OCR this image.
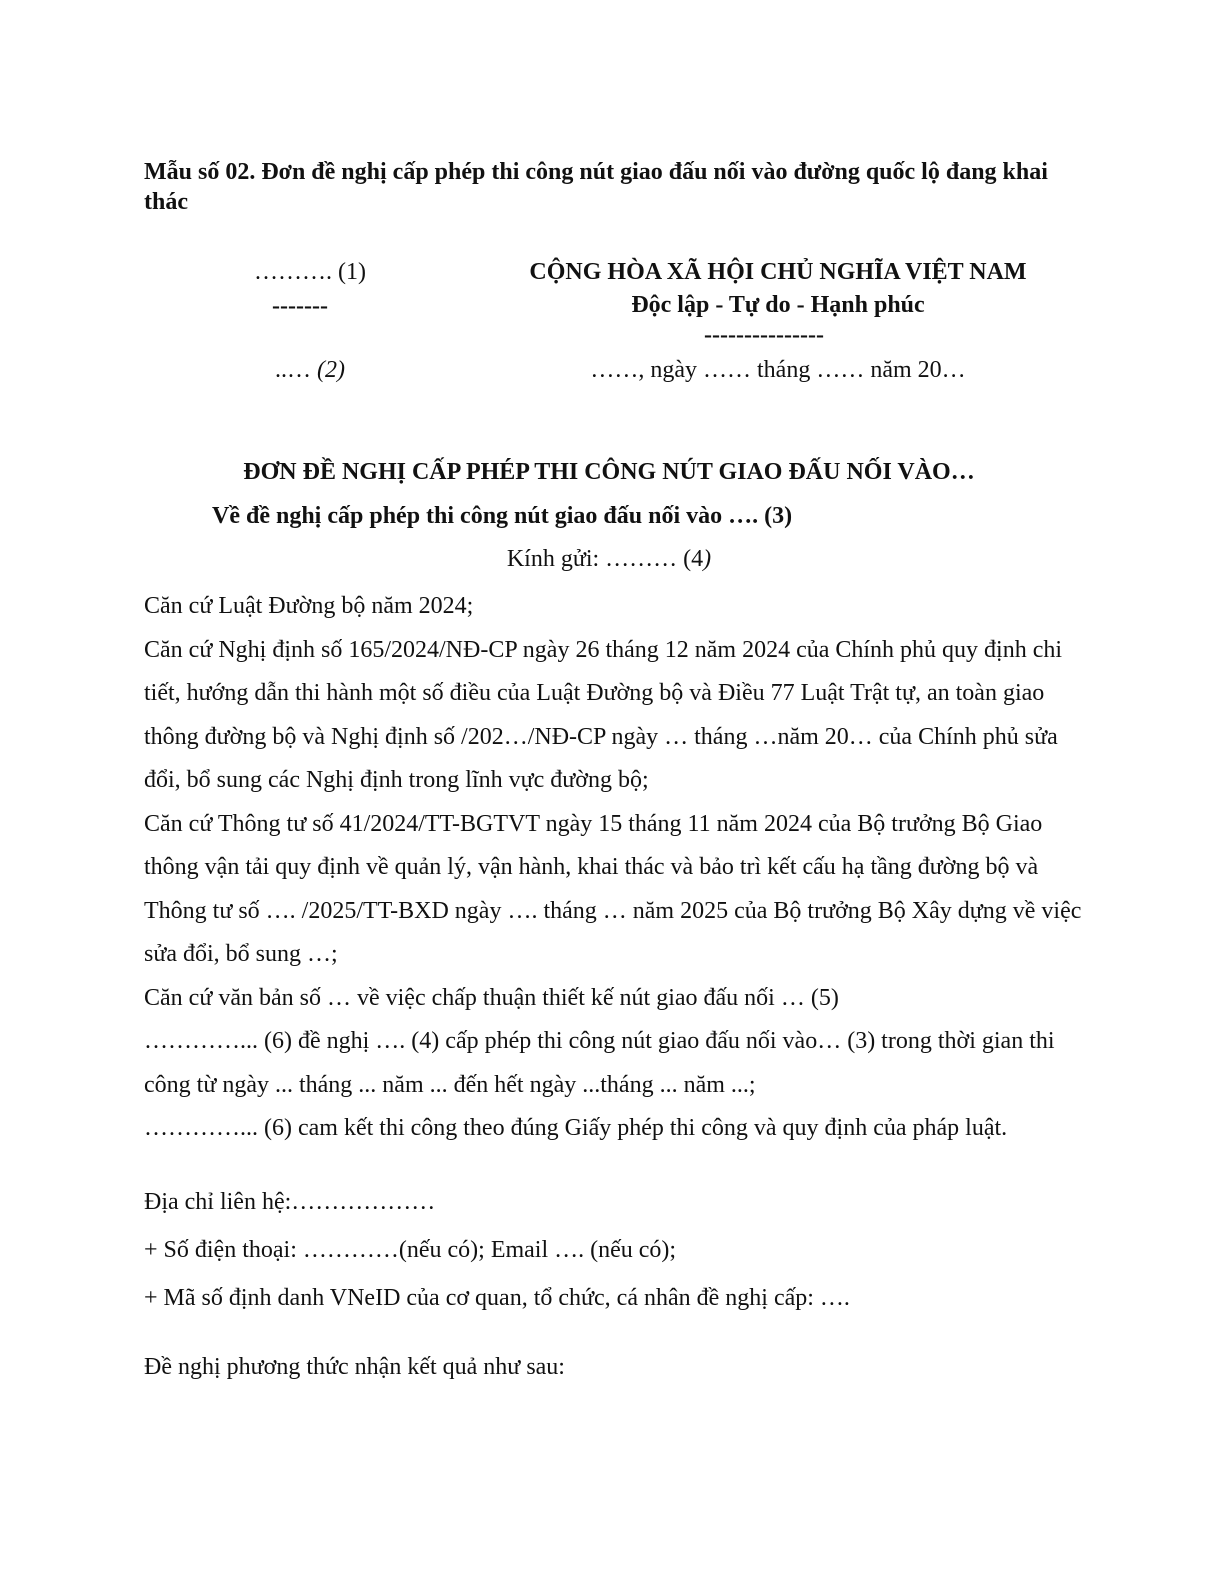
Mẫu số 02. Đơn đề nghị cấp phép thi công nút giao đấu nối vào đường quốc lộ đang khai thác
………. (1)
-------
..… (2)
CỘNG HÒA XÃ HỘI CHỦ NGHĨA VIỆT NAM
Độc lập - Tự do - Hạnh phúc
---------------
……, ngày …… tháng …… năm 20…
ĐƠN ĐỀ NGHỊ CẤP PHÉP THI CÔNG NÚT GIAO ĐẤU NỐI VÀO…
Về đề nghị cấp phép thi công nút giao đấu nối vào …. (3)
Kính gửi: ……… (4)

Căn cứ Luật Đường bộ năm 2024;

Căn cứ Nghị định số 165/2024/NĐ-CP ngày 26 tháng 12 năm 2024 của Chính phủ quy định chi tiết, hướng dẫn thi hành một số điều của Luật Đường bộ và Điều 77 Luật Trật tự, an toàn giao thông đường bộ và Nghị định số /202…/NĐ-CP ngày … tháng …năm 20… của Chính phủ sửa đổi, bổ sung các Nghị định trong lĩnh vực đường bộ;

Căn cứ Thông tư số 41/2024/TT-BGTVT ngày 15 tháng 11 năm 2024 của Bộ trưởng Bộ Giao thông vận tải quy định về quản lý, vận hành, khai thác và bảo trì kết cấu hạ tầng đường bộ và Thông tư số …. /2025/TT-BXD ngày …. tháng … năm 2025 của Bộ trưởng Bộ Xây dựng về việc sửa đổi, bổ sung …;

Căn cứ văn bản số … về việc chấp thuận thiết kế nút giao đấu nối … (5)

…………... (6) đề nghị …. (4) cấp phép thi công nút giao đấu nối vào… (3) trong thời gian thi công từ ngày ... tháng ... năm ... đến hết ngày ...tháng ... năm ...;

…………... (6) cam kết thi công theo đúng Giấy phép thi công và quy định của pháp luật.

Địa chỉ liên hệ:………………

+ Số điện thoại: …………(nếu có); Email …. (nếu có);

+ Mã số định danh VNeID của cơ quan, tổ chức, cá nhân đề nghị cấp: ….

Đề nghị phương thức nhận kết quả như sau:
